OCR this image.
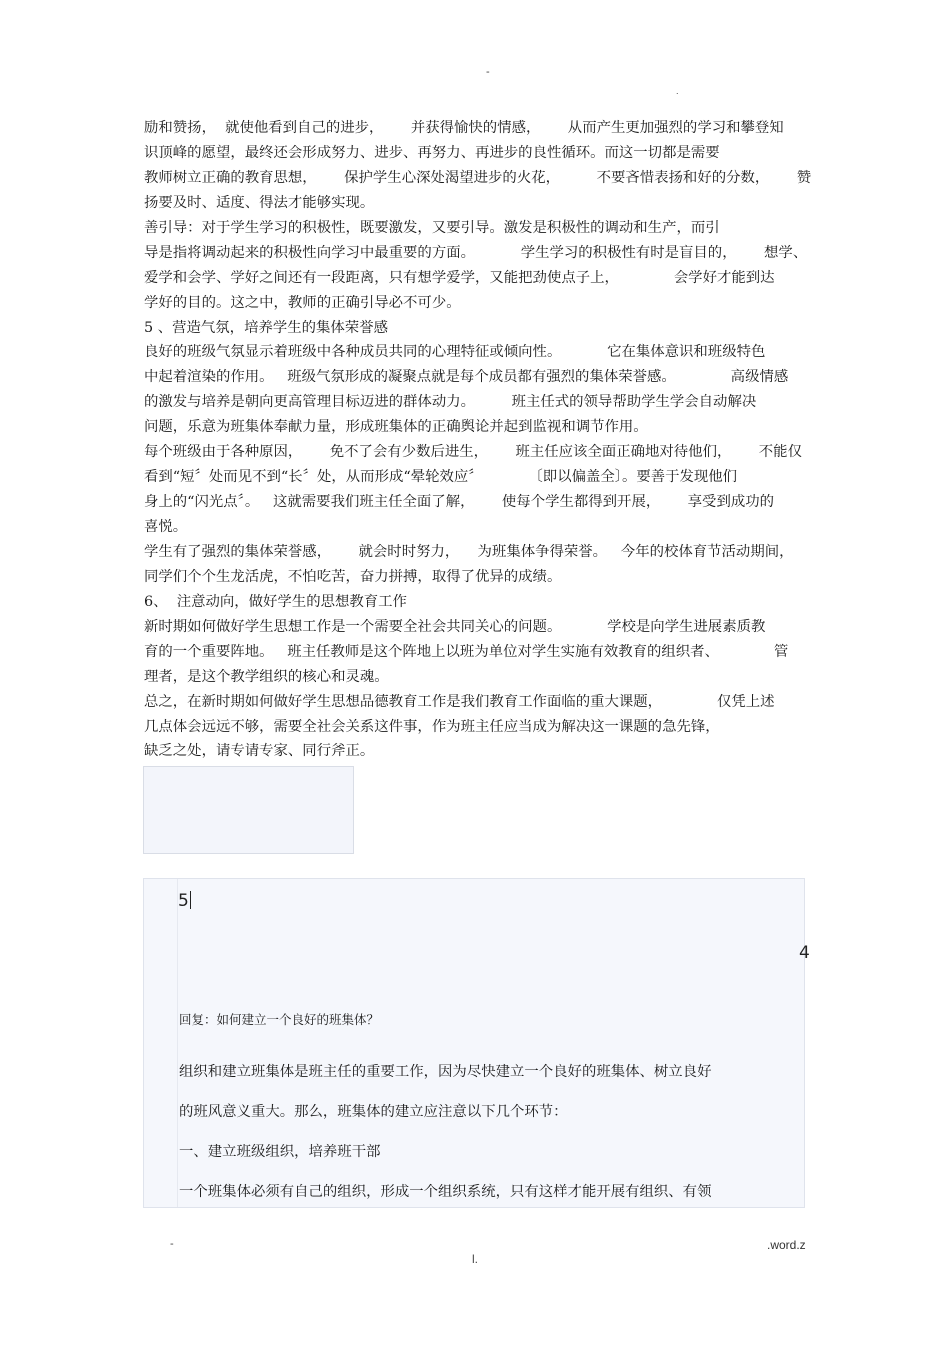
-
.
励和赞扬，  就使他看到自己的进步，      并获得愉快的情感，      从而产生更加强烈的学习和攀登知
识顶峰的愿望，最终还会形成努力、进步、再努力、再进步的良性循环。而这一切都是需要
教师树立正确的教育思想，      保护学生心深处渴望进步的火花，        不要吝惜表扬和好的分数，      赞
扬要及时、适度、得法才能够实现。
善引导：对于学生学习的积极性，既要激发，又要引导。激发是积极性的调动和生产，而引
导是指将调动起来的积极性向学习中最重要的方面。          学生学习的积极性有时是盲目的，      想学、
爱学和会学、学好之间还有一段距离，只有想学爱学，又能把劲使点子上，            会学好才能到达
学好的目的。这之中，教师的正确引导必不可少。
5 、营造气氛，培养学生的集体荣誉感
良好的班级气氛显示着班级中各种成员共同的心理特征或倾向性。          它在集体意识和班级特色
中起着渲染的作用。   班级气氛形成的凝聚点就是每个成员都有强烈的集体荣誉感。            高级情感
的激发与培养是朝向更高管理目标迈进的群体动力。        班主任式的领导帮助学生学会自动解决
问题，乐意为班集体奉献力量，形成班集体的正确舆论并起到监视和调节作用。
每个班级由于各种原因，      免不了会有少数后进生，      班主任应该全面正确地对待他们，      不能仅
看到“短〞处而见不到“长〞处，从而形成“晕轮效应〞          〔即以偏盖全〕。要善于发现他们
身上的“闪光点〞。   这就需要我们班主任全面了解，      使每个学生都得到开展，      享受到成功的
喜悦。
学生有了强烈的集体荣誉感，      就会时时努力，    为班集体争得荣誉。   今年的校体育节活动期间，
同学们个个生龙活虎，不怕吃苦，奋力拼搏，取得了优异的成绩。
6、  注意动向，做好学生的思想教育工作
新时期如何做好学生思想工作是一个需要全社会共同关心的问题。          学校是向学生进展素质教
育的一个重要阵地。   班主任教师是这个阵地上以班为单位对学生实施有效教育的组织者、            管
理者，是这个教学组织的核心和灵魂。
总之，在新时期如何做好学生思想品德教育工作是我们教育工作面临的重大课题，            仅凭上述
几点体会远远不够，需要全社会关系这件事，作为班主任应当成为解决这一课题的急先锋，
缺乏之处，请专请专家、同行斧正。
5
4
回复：如何建立一个良好的班集体？
组织和建立班集体是班主任的重要工作，因为尽快建立一个良好的班集体、树立良好
的班风意义重大。那么，班集体的建立应注意以下几个环节：
一、建立班级组织，培养班干部
一个班集体必须有自己的组织，形成一个组织系统，只有这样才能开展有组织、有领
-	.word.z
l.
